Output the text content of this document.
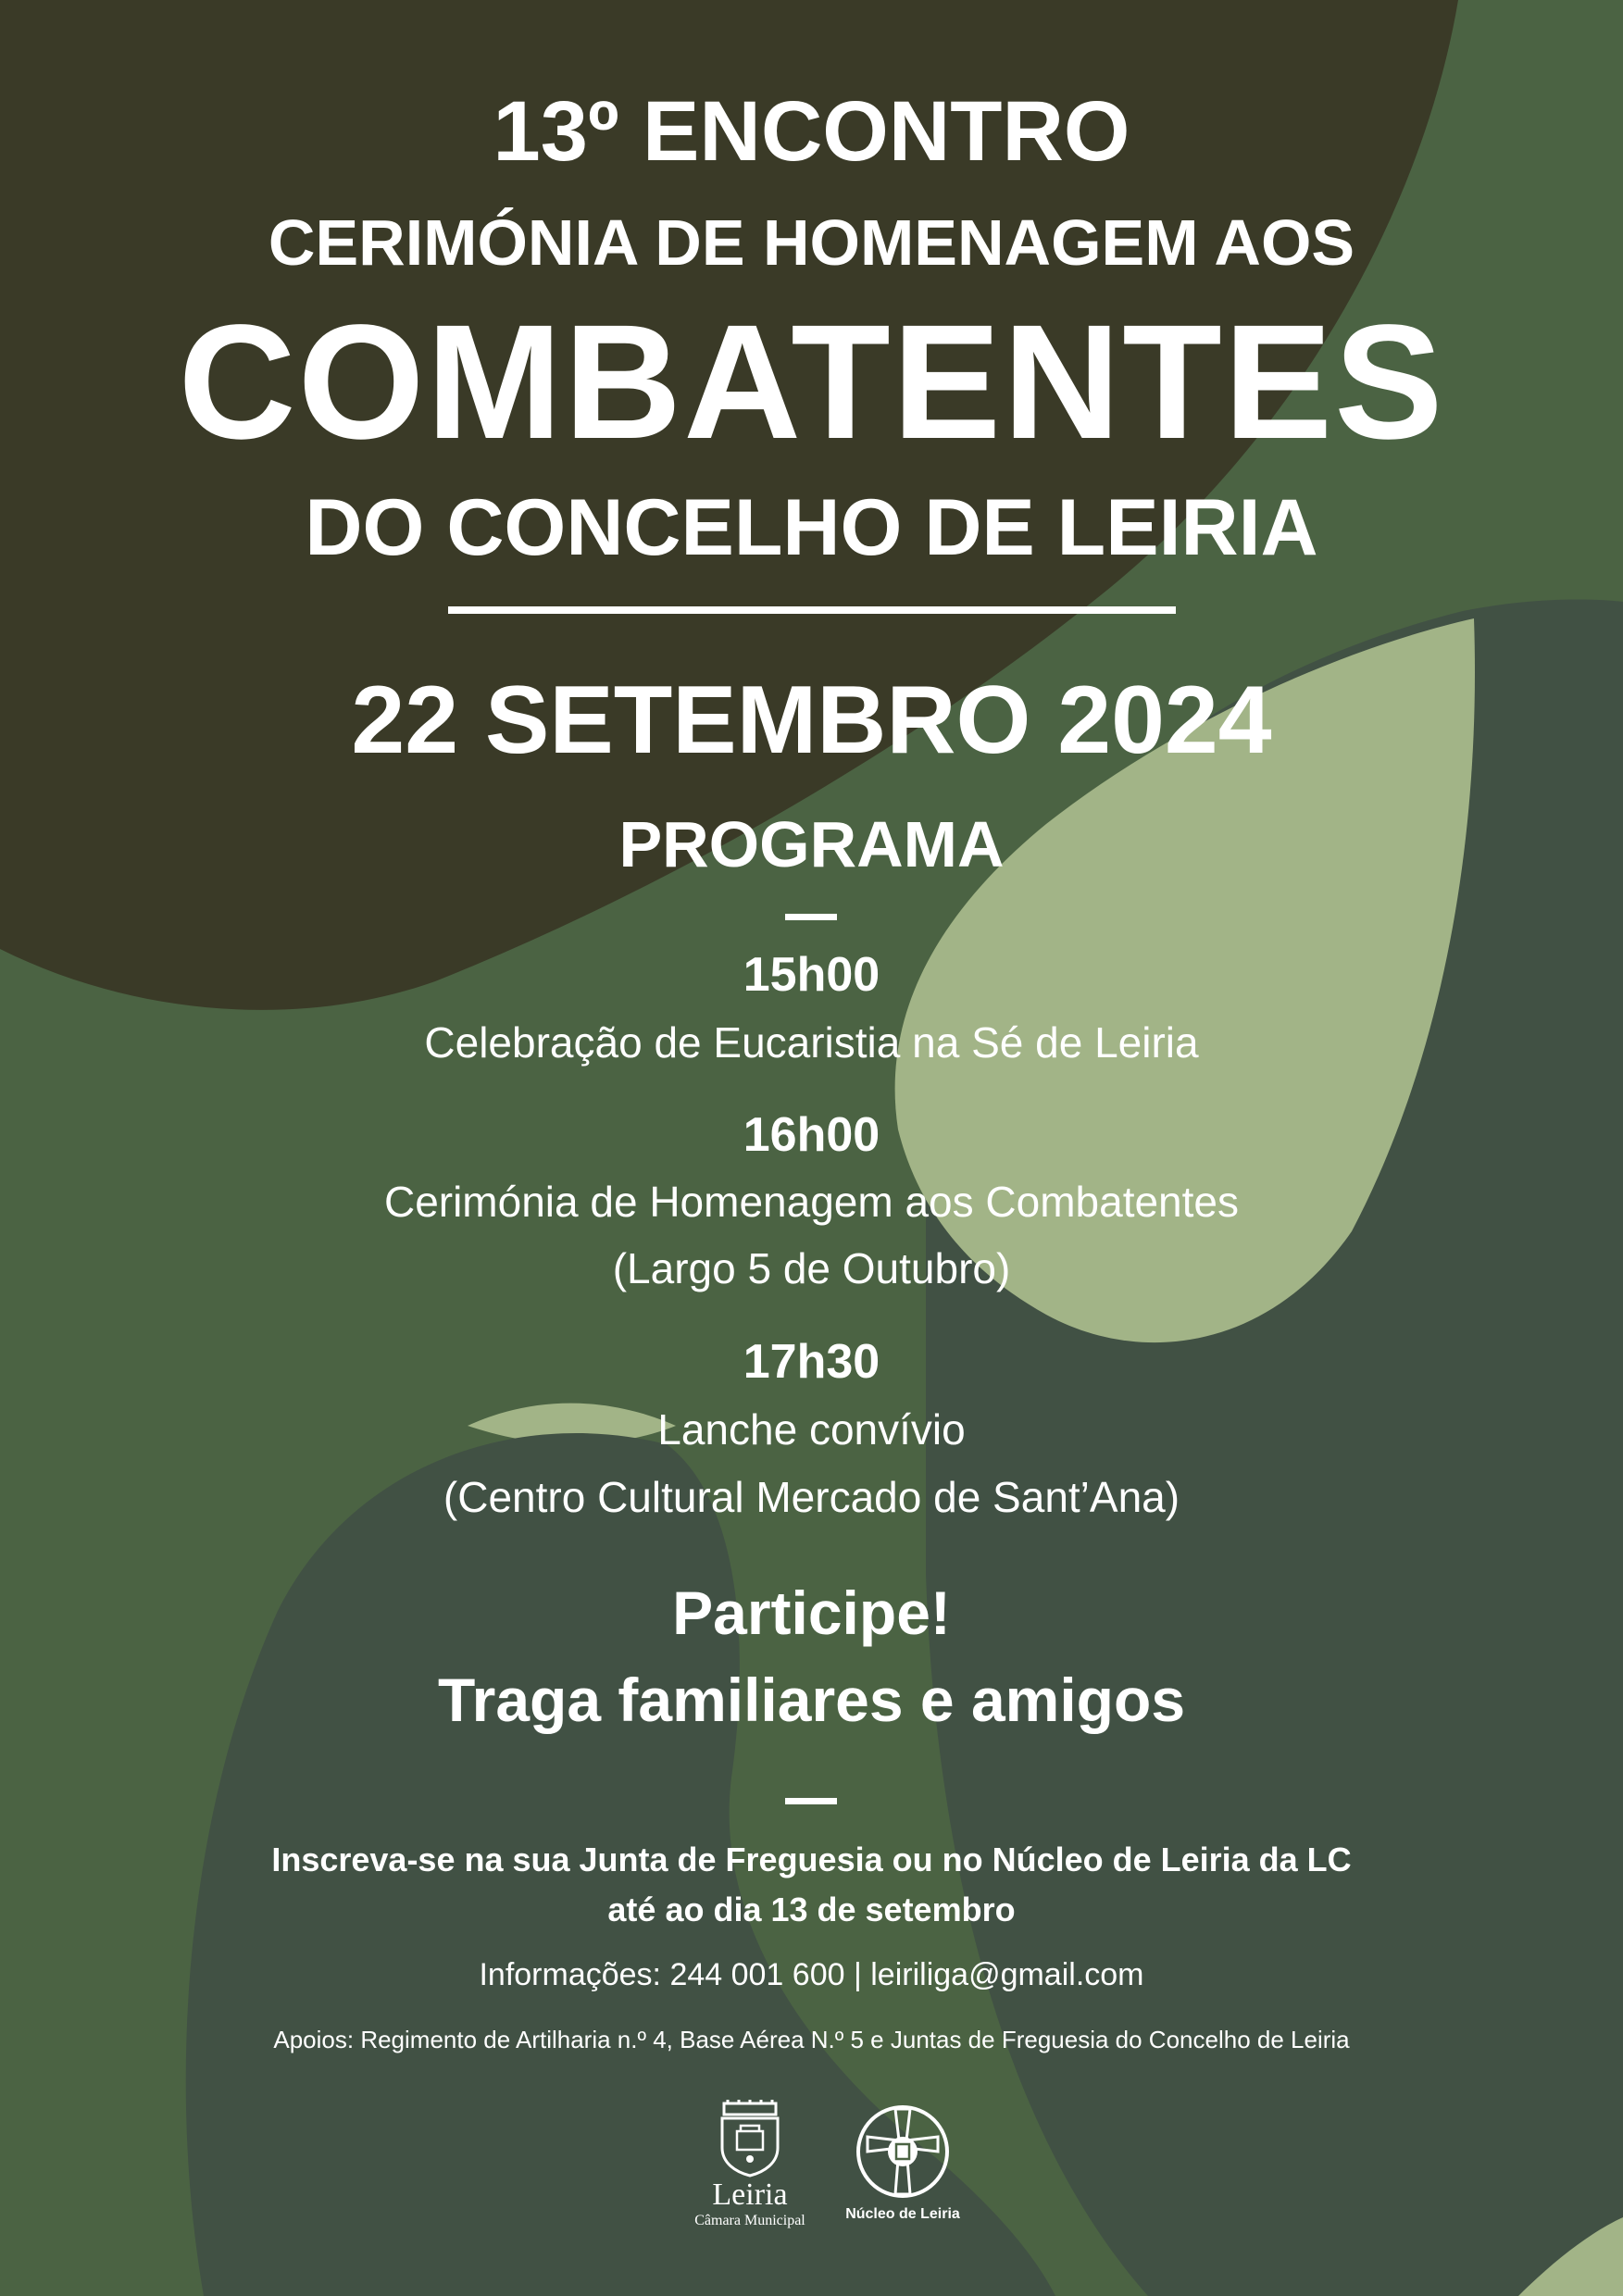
13º ENCONTRO
CERIMÓNIA DE HOMENAGEM AOS
COMBATENTES
DO CONCELHO DE LEIRIA
22 SETEMBRO 2024
PROGRAMA
15h00
Celebração de Eucaristia na Sé de Leiria
16h00
Cerimónia de Homenagem aos Combatentes
(Largo 5 de Outubro)
17h30
Lanche convívio
(Centro Cultural Mercado de Sant’Ana)
Participe!
Traga familiares e amigos
Inscreva-se na sua Junta de Freguesia ou no Núcleo de Leiria da LC
até ao dia 13 de setembro
Informações: 244 001 600 | leiriliga@gmail.com
Apoios: Regimento de Artilharia n.º 4, Base Aérea N.º 5 e Juntas de Freguesia do Concelho de Leiria
Leiria
Câmara Municipal	Núcleo de Leiria
